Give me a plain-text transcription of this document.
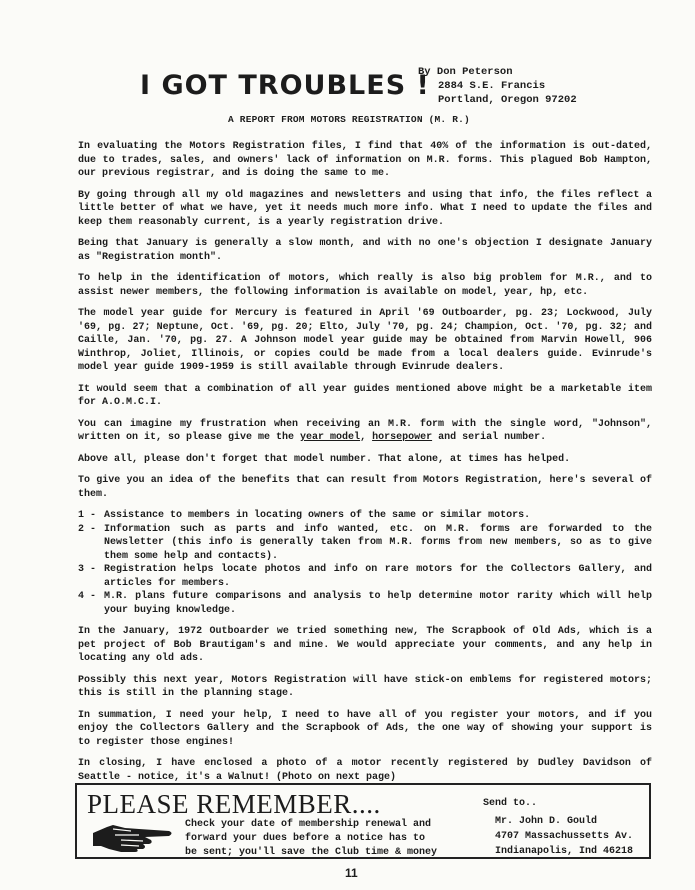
I GOT TROUBLES !
By Don Peterson
2884 S.E. Francis
Portland, Oregon 97202
A REPORT FROM MOTORS REGISTRATION (M. R.)

In evaluating the Motors Registration files, I find that 40% of the information is out-dated, due to trades, sales, and owners' lack of information on M.R. forms. This plagued Bob Hampton, our previous registrar, and is doing the same to me.

By going through all my old magazines and newsletters and using that info, the files reflect a little better of what we have, yet it needs much more info. What I need to update the files and keep them reasonably current, is a yearly registration drive.

Being that January is generally a slow month, and with no one's objection I designate January as "Registration month".

To help in the identification of motors, which really is also big problem for M.R., and to assist newer members, the following information is available on model, year, hp, etc.

The model year guide for Mercury is featured in April '69 Outboarder, pg. 23; Lockwood, July '69, pg. 27; Neptune, Oct. '69, pg. 20; Elto, July '70, pg. 24; Champion, Oct. '70, pg. 32; and Caille, Jan. '70, pg. 27. A Johnson model year guide may be obtained from Marvin Howell, 906 Winthrop, Joliet, Illinois, or copies could be made from a local dealers guide. Evinrude's model year guide 1909-1959 is still available through Evinrude dealers.

It would seem that a combination of all year guides mentioned above might be a marketable item for A.O.M.C.I.

You can imagine my frustration when receiving an M.R. form with the single word, "Johnson", written on it, so please give me the year model, horsepower and serial number.

Above all, please don't forget that model number. That alone, at times has helped.

To give you an idea of the benefits that can result from Motors Registration, here's several of them.

1 - Assistance to members in locating owners of the same or similar motors.
2 - Information such as parts and info wanted, etc. on M.R. forms are forwarded to the Newsletter (this info is generally taken from M.R. forms from new members, so as to give them some help and contacts).
3 - Registration helps locate photos and info on rare motors for the Collectors Gallery, and articles for members.
4 - M.R. plans future comparisons and analysis to help determine motor rarity which will help your buying knowledge.

In the January, 1972 Outboarder we tried something new, The Scrapbook of Old Ads, which is a pet project of Bob Brautigam's and mine. We would appreciate your comments, and any help in locating any old ads.

Possibly this next year, Motors Registration will have stick-on emblems for registered motors; this is still in the planning stage.

In summation, I need your help, I need to have all of you register your motors, and if you enjoy the Collectors Gallery and the Scrapbook of Ads, the one way of showing your support is to register those engines!

In closing, I have enclosed a photo of a motor recently registered by Dudley Davidson of Seattle - notice, it's a Walnut! (Photo on next page)

PLEASE REMEMBER....
Check your date of membership renewal and
forward your dues before a notice has to
be sent; you'll save the Club time & money
Send to..
Mr. John D. Gould
4707 Massachussetts Av.
Indianapolis, Ind 46218
11
